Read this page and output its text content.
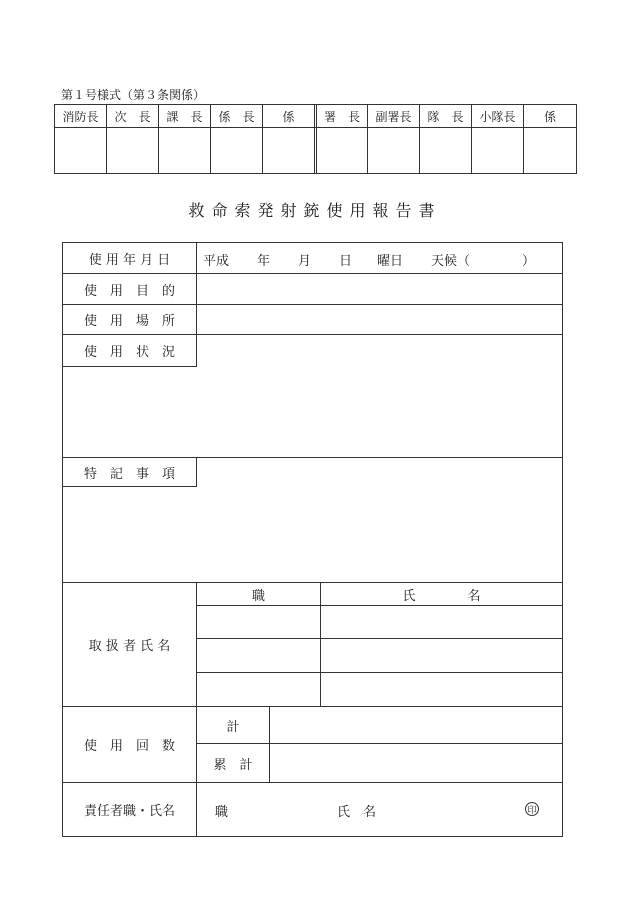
第１号様式（第３条関係）
消防長	次　長	課　長	係　長	係	署　長	副署長	隊　長	小隊長	係
救命索発射銃使用報告書
使 用 年 月 日	平成 年 月 日 曜日 天候（　　　　）
使　用　目　的
使　用　場　所
使　用　状　況
特　記　事　項
取 扱 者 氏 名
職	氏　　　　名
使　用　回　数
計
累　計
責任者職・氏名	職	氏　名	印
